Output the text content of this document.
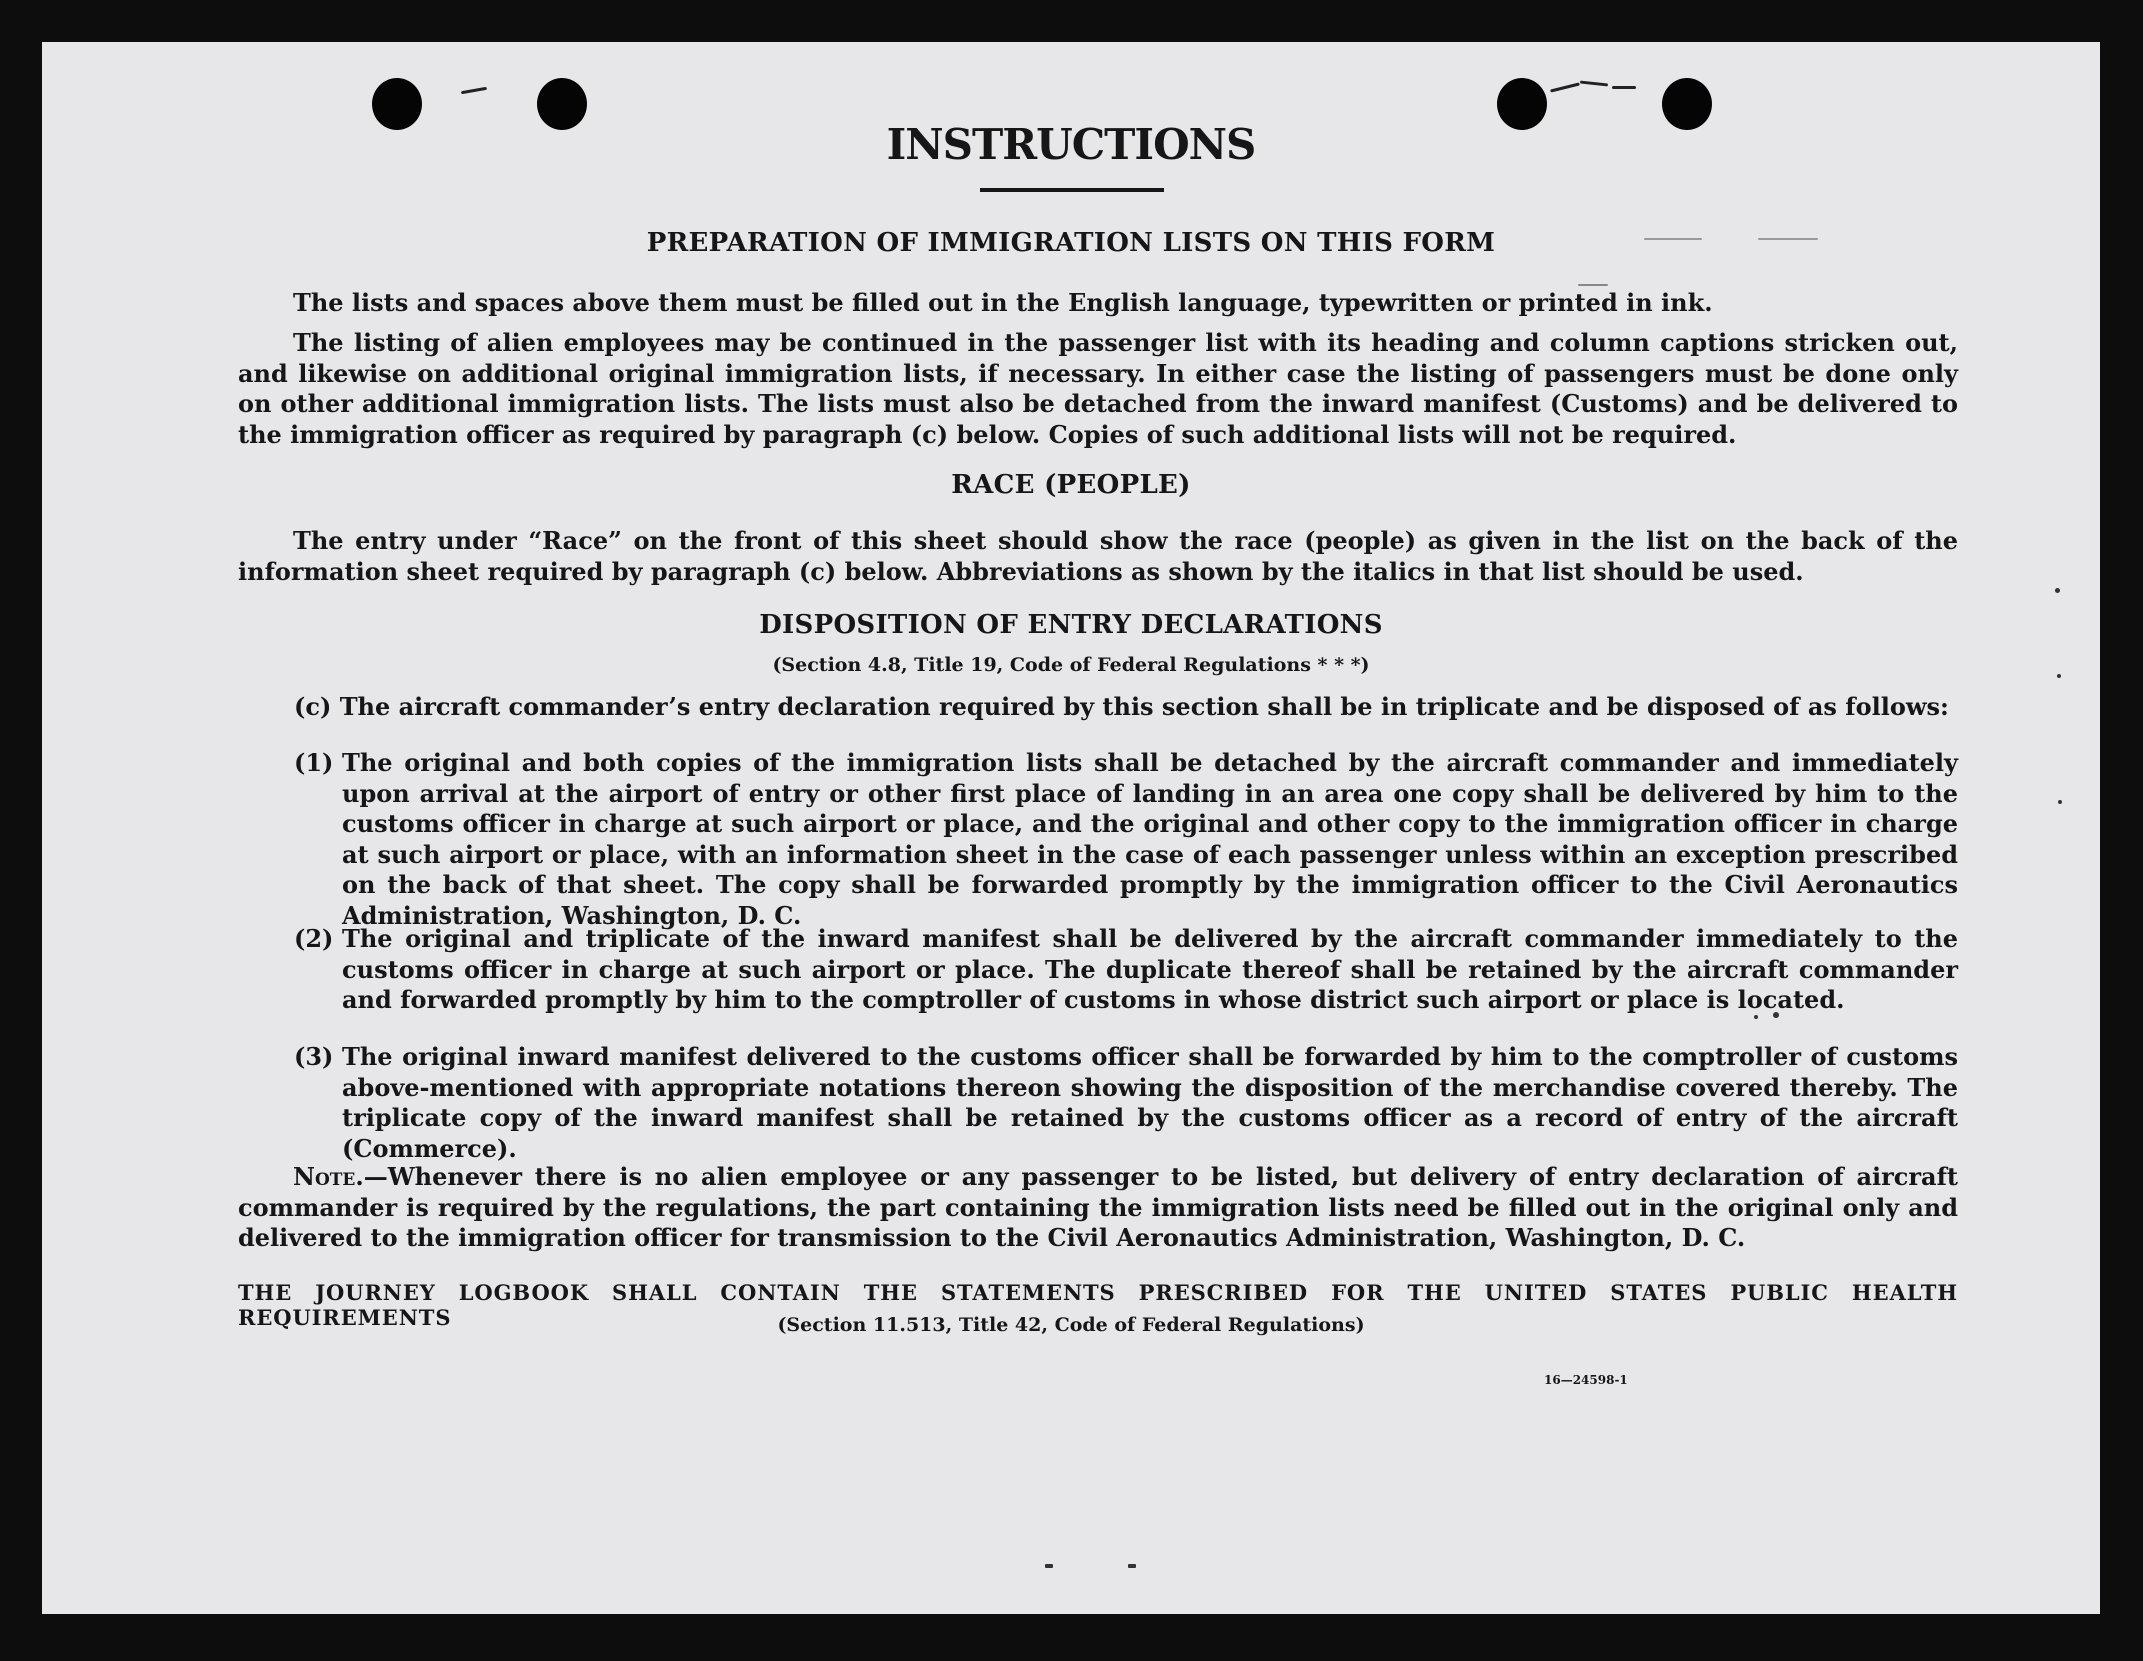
INSTRUCTIONS
PREPARATION OF IMMIGRATION LISTS ON THIS FORM

The lists and spaces above them must be filled out in the English language, typewritten or printed in ink.

The listing of alien employees may be continued in the passenger list with its heading and column captions stricken out, and likewise on additional original immigration lists, if necessary. In either case the listing of passengers must be done only on other additional immigration lists. The lists must also be detached from the inward manifest (Customs) and be delivered to the immigration officer as required by paragraph (c) below. Copies of such additional lists will not be required.

RACE (PEOPLE)

The entry under “Race” on the front of this sheet should show the race (people) as given in the list on the back of the information sheet required by paragraph (c) below. Abbreviations as shown by the italics in that list should be used.

DISPOSITION OF ENTRY DECLARATIONS

(Section 4.8, Title 19, Code of Federal Regulations * * *)

(c) The aircraft commander’s entry declaration required by this section shall be in triplicate and be disposed of as follows:

(1) The original and both copies of the immigration lists shall be detached by the aircraft commander and immediately upon arrival at the airport of entry or other first place of landing in an area one copy shall be delivered by him to the customs officer in charge at such airport or place, and the original and other copy to the immigration officer in charge at such airport or place, with an information sheet in the case of each passenger unless within an exception prescribed on the back of that sheet. The copy shall be forwarded promptly by the immigration officer to the Civil Aeronautics Administration, Washington, D. C.

(2) The original and triplicate of the inward manifest shall be delivered by the aircraft commander immediately to the customs officer in charge at such airport or place. The duplicate thereof shall be retained by the aircraft commander and forwarded promptly by him to the comptroller of customs in whose district such airport or place is located.

(3) The original inward manifest delivered to the customs officer shall be forwarded by him to the comptroller of customs above-mentioned with appropriate notations thereon showing the disposition of the merchandise covered thereby. The triplicate copy of the inward manifest shall be retained by the customs officer as a record of entry of the aircraft (Commerce).

Note.—Whenever there is no alien employee or any passenger to be listed, but delivery of entry declaration of aircraft commander is required by the regulations, the part containing the immigration lists need be filled out in the original only and delivered to the immigration officer for transmission to the Civil Aeronautics Administration, Washington, D. C.

THE JOURNEY LOGBOOK SHALL CONTAIN THE STATEMENTS PRESCRIBED FOR THE UNITED STATES PUBLIC HEALTH REQUIREMENTS	(Section 11.513, Title 42, Code of Federal Regulations)

16—24598-1
